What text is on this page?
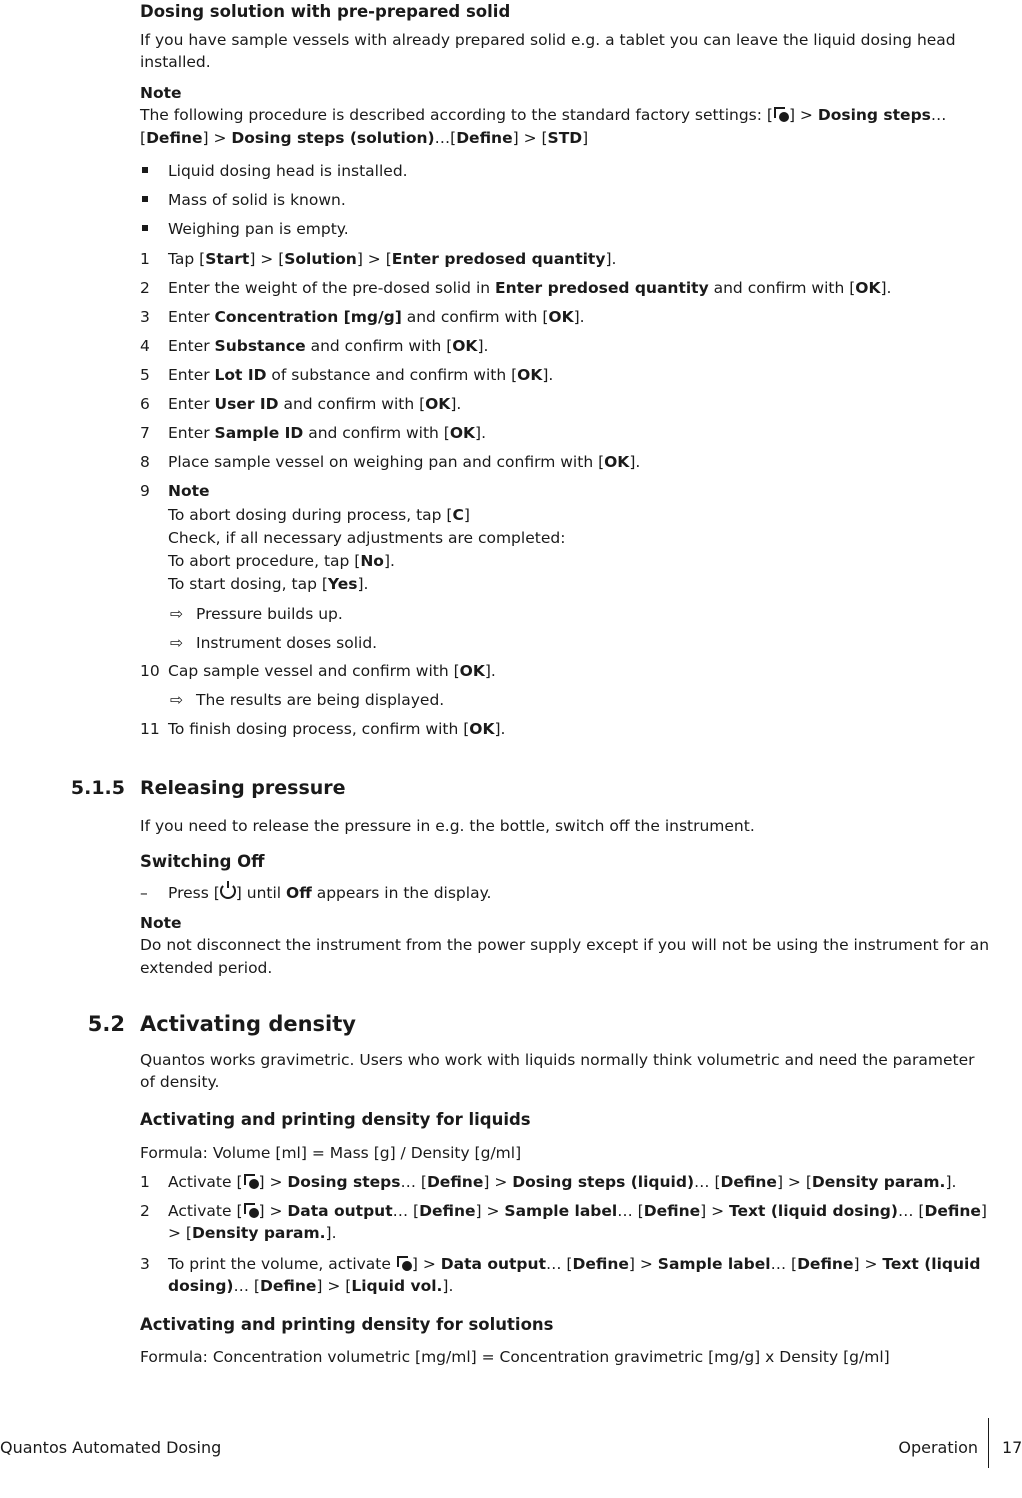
Dosing solution with pre-prepared solid

If you have sample vessels with already prepared solid e.g. a tablet you can leave the liquid dosing head installed.

Note
The following procedure is described according to the standard factory settings: [ ] > Dosing steps… [Define] > Dosing steps (solution)…[Define] > [STD]
Liquid dosing head is installed.
Mass of solid is known.
Weighing pan is empty.
1 Tap [Start] > [Solution] > [Enter predosed quantity].
2 Enter the weight of the pre-dosed solid in Enter predosed quantity and confirm with [OK].
3 Enter Concentration [mg/g] and confirm with [OK].
4 Enter Substance and confirm with [OK].
5 Enter Lot ID of substance and confirm with [OK].
6 Enter User ID and confirm with [OK].
7 Enter Sample ID and confirm with [OK].
8 Place sample vessel on weighing pan and confirm with [OK].
9 Note
To abort dosing during process, tap [C]
Check, if all necessary adjustments are completed:
To abort procedure, tap [No].
To start dosing, tap [Yes].
⇨ Pressure builds up.
⇨ Instrument doses solid.
10 Cap sample vessel and confirm with [OK].
⇨ The results are being displayed.
11 To finish dosing process, confirm with [OK].
5.1.5 Releasing pressure

If you need to release the pressure in e.g. the bottle, switch off the instrument.

Switching Off
– Press [ ] until Off appears in the display.
Note
Do not disconnect the instrument from the power supply except if you will not be using the instrument for an extended period.
5.2 Activating density

Quantos works gravimetric. Users who work with liquids normally think volumetric and need the parameter of density.

Activating and printing density for liquids

Formula: Volume [ml] = Mass [g] / Density [g/ml]

1 Activate [ ] > Dosing steps… [Define] > Dosing steps (liquid)… [Define] > [Density param.].
2 Activate [ ] > Data output… [Define] > Sample label… [Define] > Text (liquid dosing)… [Define] > [Density param.].
3 To print the volume, activate
] > Data output… [Define] > Sample label… [Define] > Text (liquid dosing)… [Define] > [Liquid vol.].
Activating and printing density for solutions

Formula: Concentration volumetric [mg/ml] = Concentration gravimetric [mg/g] x Density [g/ml]

Quantos Automated Dosing	Operation 17
